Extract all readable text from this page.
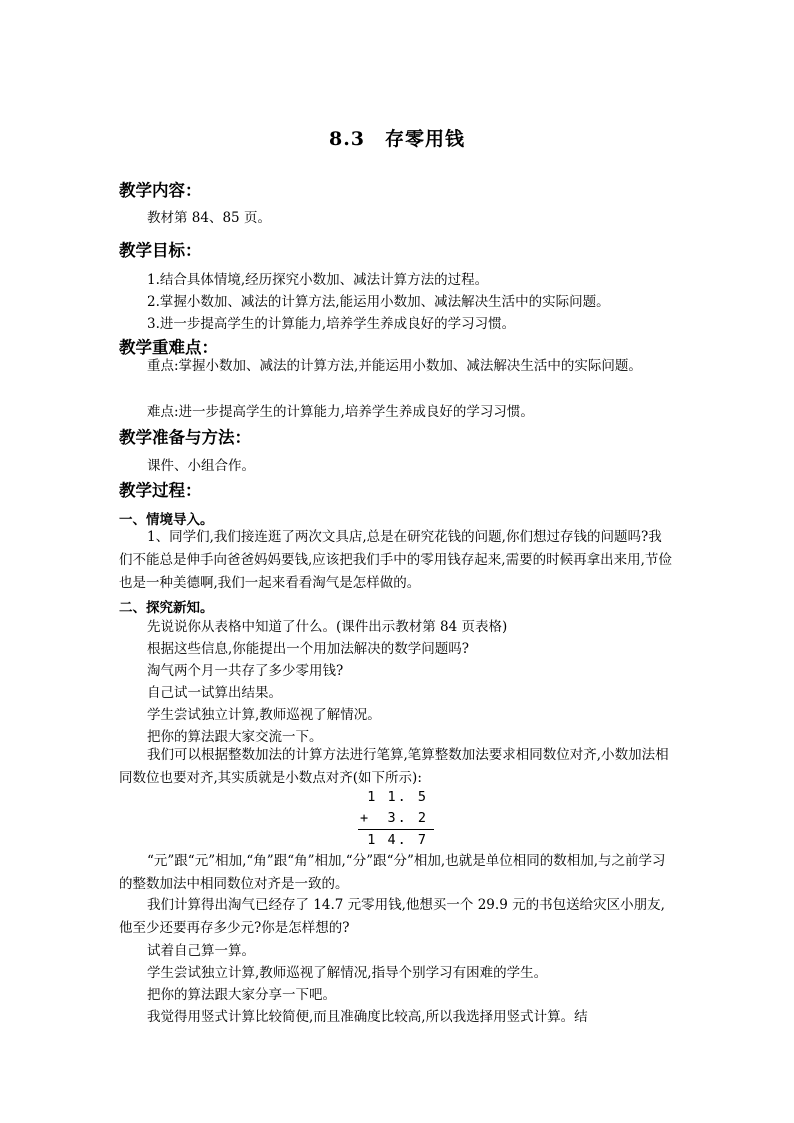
8.3　存零用钱
教学内容：
教材第 84、85 页。
教学目标：
1.结合具体情境,经历探究小数加、减法计算方法的过程。
2.掌握小数加、减法的计算方法,能运用小数加、减法解决生活中的实际问题。
3.进一步提高学生的计算能力,培养学生养成良好的学习习惯。
教学重难点：

重点:掌握小数加、减法的计算方法,并能运用小数加、减法解决生活中的实际问题。

难点:进一步提高学生的计算能力,培养学生养成良好的学习习惯。
教学准备与方法：
课件、小组合作。
教学过程：
一、情境导入。

1、同学们,我们接连逛了两次文具店,总是在研究花钱的问题,你们想过存钱的问题吗?我们不能总是伸手向爸爸妈妈要钱,应该把我们手中的零用钱存起来,需要的时候再拿出来用,节俭也是一种美德啊,我们一起来看看淘气是怎样做的。

二、探究新知。
先说说你从表格中知道了什么。(课件出示教材第 84 页表格)
根据这些信息,你能提出一个用加法解决的数学问题吗?
淘气两个月一共存了多少零用钱?
自己试一试算出结果。
学生尝试独立计算,教师巡视了解情况。
把你的算法跟大家交流一下。

我们可以根据整数加法的计算方法进行笔算,笔算整数加法要求相同数位对齐,小数加法相同数位也要对齐,其实质就是小数点对齐(如下所示):

1 1. 5
+ 3. 2
1 4. 7

“元”跟“元”相加,“角”跟“角”相加,“分”跟“分”相加,也就是单位相同的数相加,与之前学习的整数加法中相同数位对齐是一致的。

我们计算得出淘气已经存了 14.7 元零用钱,他想买一个 29.9 元的书包送给灾区小朋友,他至少还要再存多少元?你是怎样想的?

试着自己算一算。
学生尝试独立计算,教师巡视了解情况,指导个别学习有困难的学生。
把你的算法跟大家分享一下吧。
我觉得用竖式计算比较简便,而且准确度比较高,所以我选择用竖式计算。结
